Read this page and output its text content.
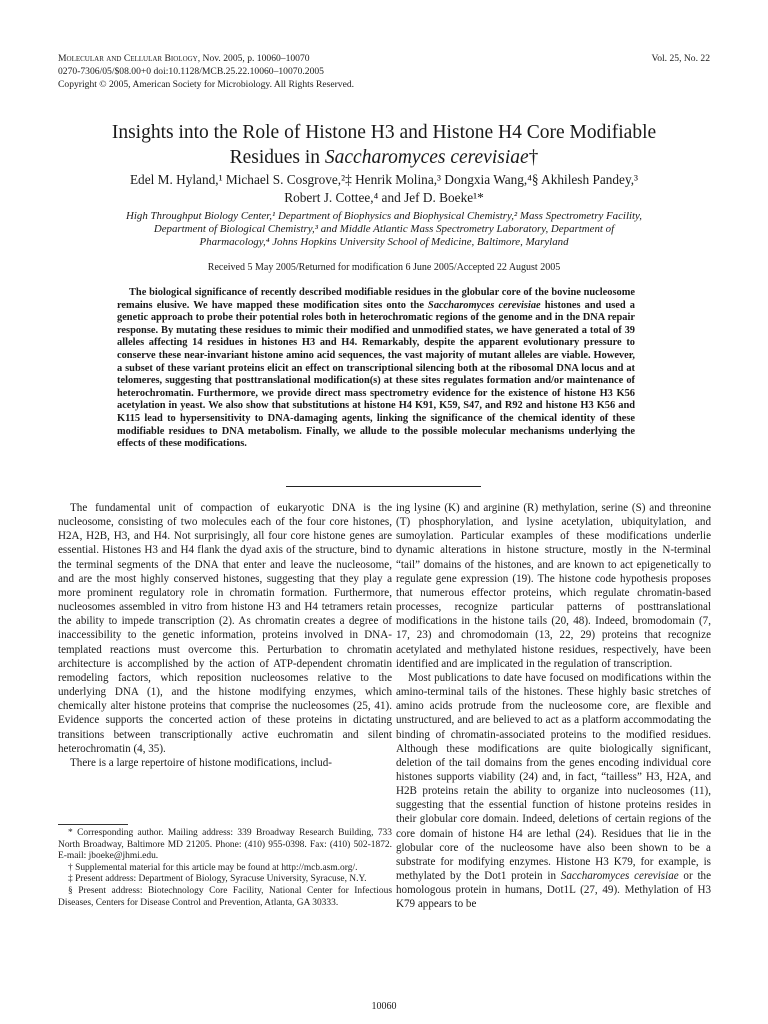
Molecular and Cellular Biology, Nov. 2005, p. 10060–10070
0270-7306/05/$08.00+0 doi:10.1128/MCB.25.22.10060–10070.2005
Copyright © 2005, American Society for Microbiology. All Rights Reserved.
Vol. 25, No. 22
Insights into the Role of Histone H3 and Histone H4 Core Modifiable
Residues in Saccharomyces cerevisiae†
Edel M. Hyland,¹ Michael S. Cosgrove,²‡ Henrik Molina,³ Dongxia Wang,⁴§ Akhilesh Pandey,³
Robert J. Cottee,⁴ and Jef D. Boeke¹*
High Throughput Biology Center,¹ Department of Biophysics and Biophysical Chemistry,² Mass Spectrometry Facility,
Department of Biological Chemistry,³ and Middle Atlantic Mass Spectrometry Laboratory, Department of
Pharmacology,⁴ Johns Hopkins University School of Medicine, Baltimore, Maryland
Received 5 May 2005/Returned for modification 6 June 2005/Accepted 22 August 2005
The biological significance of recently described modifiable residues in the globular core of the bovine nucleosome remains elusive. We have mapped these modification sites onto the Saccharomyces cerevisiae histones and used a genetic approach to probe their potential roles both in heterochromatic regions of the genome and in the DNA repair response. By mutating these residues to mimic their modified and unmodified states, we have generated a total of 39 alleles affecting 14 residues in histones H3 and H4. Remarkably, despite the apparent evolutionary pressure to conserve these near-invariant histone amino acid sequences, the vast majority of mutant alleles are viable. However, a subset of these variant proteins elicit an effect on transcriptional silencing both at the ribosomal DNA locus and at telomeres, suggesting that posttranslational modification(s) at these sites regulates formation and/or maintenance of heterochromatin. Furthermore, we provide direct mass spectrometry evidence for the existence of histone H3 K56 acetylation in yeast. We also show that substitutions at histone H4 K91, K59, S47, and R92 and histone H3 K56 and K115 lead to hypersensitivity to DNA-damaging agents, linking the significance of the chemical identity of these modifiable residues to DNA metabolism. Finally, we allude to the possible molecular mechanisms underlying the effects of these modifications.

The fundamental unit of compaction of eukaryotic DNA is the nucleosome, consisting of two molecules each of the four core histones, H2A, H2B, H3, and H4. Not surprisingly, all four core histone genes are essential. Histones H3 and H4 flank the dyad axis of the structure, bind to the terminal segments of the DNA that enter and leave the nucleosome, and are the most highly conserved histones, suggesting that they play a more prominent regulatory role in chromatin formation. Furthermore, nucleosomes assembled in vitro from histone H3 and H4 tetramers retain the ability to impede transcription (2). As chromatin creates a degree of inaccessibility to the genetic information, proteins involved in DNA-templated reactions must overcome this. Perturbation to chromatin architecture is accomplished by the action of ATP-dependent chromatin remodeling factors, which reposition nucleosomes relative to the underlying DNA (1), and the histone modifying enzymes, which chemically alter histone proteins that comprise the nucleosomes (25, 41). Evidence supports the concerted action of these proteins in dictating transitions between transcriptionally active euchromatin and silent heterochromatin (4, 35).

There is a large repertoire of histone modifications, includ-

* Corresponding author. Mailing address: 339 Broadway Research Building, 733 North Broadway, Baltimore MD 21205. Phone: (410) 955-0398. Fax: (410) 502-1872. E-mail: jboeke@jhmi.edu.

† Supplemental material for this article may be found at http://mcb.asm.org/.

‡ Present address: Department of Biology, Syracuse University, Syracuse, N.Y.

§ Present address: Biotechnology Core Facility, National Center for Infectious Diseases, Centers for Disease Control and Prevention, Atlanta, GA 30333.

ing lysine (K) and arginine (R) methylation, serine (S) and threonine (T) phosphorylation, and lysine acetylation, ubiquitylation, and sumoylation. Particular examples of these modifications underlie dynamic alterations in histone structure, mostly in the N-terminal “tail” domains of the histones, and are known to act epigenetically to regulate gene expression (19). The histone code hypothesis proposes that numerous effector proteins, which regulate chromatin-based processes, recognize particular patterns of posttranslational modifications in the histone tails (20, 48). Indeed, bromodomain (7, 17, 23) and chromodomain (13, 22, 29) proteins that recognize acetylated and methylated histone residues, respectively, have been identified and are implicated in the regulation of transcription.

Most publications to date have focused on modifications within the amino-terminal tails of the histones. These highly basic stretches of amino acids protrude from the nucleosome core, are flexible and unstructured, and are believed to act as a platform accommodating the binding of chromatin-associated proteins to the modified residues. Although these modifications are quite biologically significant, deletion of the tail domains from the genes encoding individual core histones supports viability (24) and, in fact, “tailless” H3, H2A, and H2B proteins retain the ability to organize into nucleosomes (11), suggesting that the essential function of histone proteins resides in their globular core domain. Indeed, deletions of certain regions of the core domain of histone H4 are lethal (24). Residues that lie in the globular core of the nucleosome have also been shown to be a substrate for modifying enzymes. Histone H3 K79, for example, is methylated by the Dot1 protein in Saccharomyces cerevisiae or the homologous protein in humans, Dot1L (27, 49). Methylation of H3 K79 appears to be

10060
